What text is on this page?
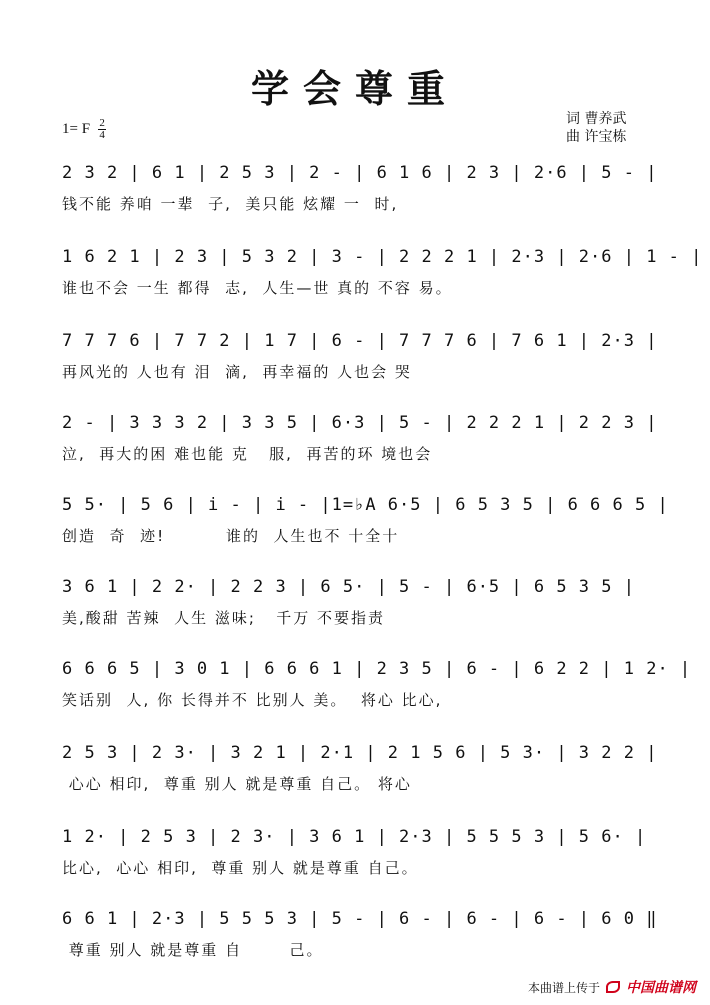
学会尊重
1= F 2
4
词 曹养武
曲 许宝栋
2 3 2 | 6 1 | 2 5 3 | 2 - | 6 1 6 | 2 3 | 2·6 | 5 - |
钱不能 养咱 一辈  子,  美只能 炫耀 一  时,
1 6 2 1 | 2 3 | 5 3 2 | 3 - | 2 2 2 1 | 2·3 | 2·6 | 1 - |
谁也不会 一生 都得  志,  人生—世 真的 不容 易。
7 7 7 6 | 7 7 2 | 1 7 | 6 - | 7 7 7 6 | 7 6 1 | 2·3 |
再风光的 人也有 泪  滴,  再幸福的 人也会 哭
2 - | 3 3 3 2 | 3 3 5 | 6·3 | 5 - | 2 2 2 1 | 2 2 3 |
泣,  再大的困 难也能 克   服,  再苦的环 境也会
5 5· | 5 6 | i - | i - |1=♭A 6·5 | 6 5 3 5 | 6 6 6 5 |
创造  奇  迹!         谁的  人生也不 十全十
3 6 1 | 2 2· | 2 2 3 | 6 5· | 5 - | 6·5 | 6 5 3 5 |
美,酸甜 苦辣  人生 滋味;   千万 不要指责
6 6 6 5 | 3 0 1 | 6 6 6 1 | 2 3 5 | 6 - | 6 2 2 | 1 2· |
笑话别  人, 你 长得并不 比别人 美。  将心 比心,
2 5 3 | 2 3· | 3 2 1 | 2·1 | 2 1 5 6 | 5 3· | 3 2 2 |
心心 相印,  尊重 别人 就是尊重 自己。 将心
1 2· | 2 5 3 | 2 3· | 3 6 1 | 2·3 | 5 5 5 3 | 5 6· |
比心,  心心 相印,  尊重 别人 就是尊重 自己。
6 6 1 | 2·3 | 5 5 5 3 | 5 - | 6 - | 6 - | 6 - | 6 0 ‖
尊重 别人 就是尊重 自       己。
本曲谱上传于 中国曲谱网
